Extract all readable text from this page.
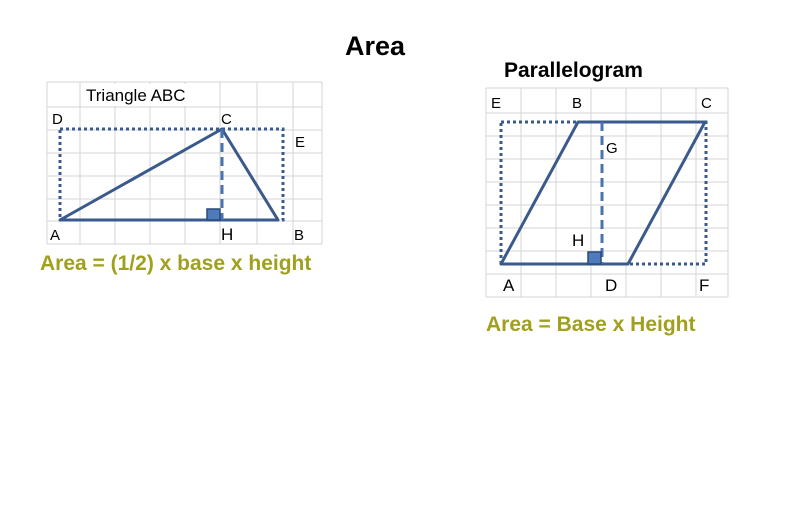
Area
Parallelogram
Triangle ABC
D	C
E
A	H	B
E	B	C
G
H
A	D	F
Area = (1/2) x base x height
Area = Base x Height
